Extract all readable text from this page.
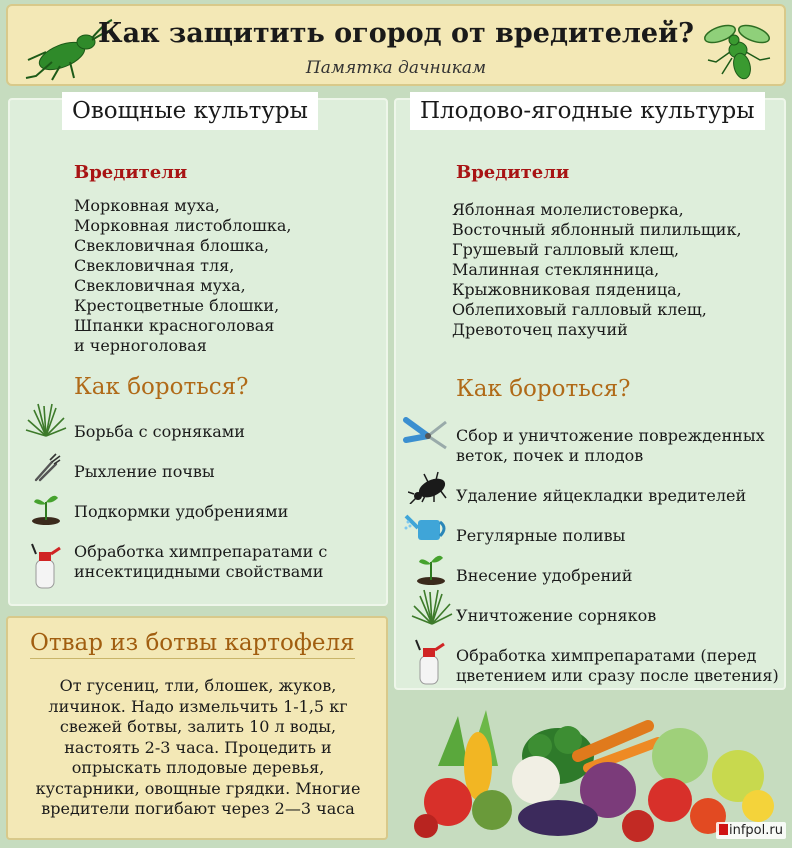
Как защитить огород от вредителей?
Памятка дачникам
Овощные культуры
Вредители
Морковная муха,
Морковная листоблошка,
Свекловичная блошка,
Свекловичная тля,
Свекловичная муха,
Крестоцветные блошки,
Шпанки красноголовая
и черноголовая
Как бороться?
Борьба с сорняками
Рыхление почвы
Подкормки удобрениями
Обработка химпрепаратами с
инсектицидными свойствами
Плодово-ягодные культуры
Вредители
Яблонная молелистоверка,
Восточный яблонный пилильщик,
Грушевый галловый клещ,
Малинная стеклянница,
Крыжовниковая пяденица,
Облепиховый галловый клещ,
Древоточец пахучий
Как бороться?
Сбор и уничтожение поврежденных
веток, почек и плодов
Удаление яйцекладки вредителей
Регулярные поливы
Внесение удобрений
Уничтожение сорняков
Обработка химпрепаратами (перед
цветением или сразу после цветения)
Отвар из ботвы картофеля
От гусениц, тли, блошек, жуков,
личинок. Надо измельчить 1-1,5 кг
свежей ботвы, залить 10 л воды,
настоять 2-3 часа. Процедить и
опрыскать плодовые деревья,
кустарники, овощные грядки. Многие
вредители погибают через 2—3 часа
infpol.ru
